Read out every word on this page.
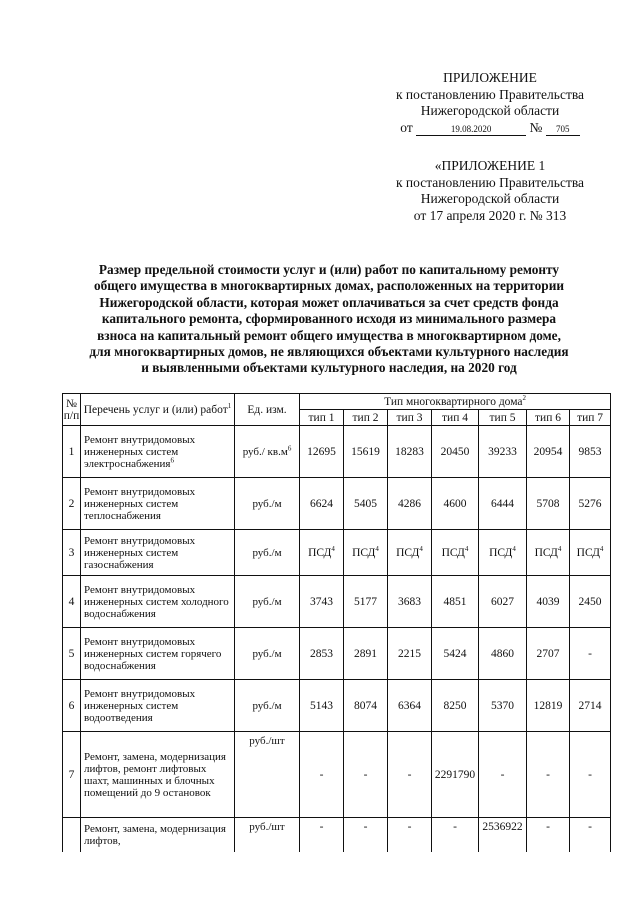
ПРИЛОЖЕНИЕ
к постановлению Правительства
Нижегородской области
от	19.08.2020	№ 705
«ПРИЛОЖЕНИЕ 1
к постановлению Правительства
Нижегородской области
от 17 апреля 2020 г. № 313
Размер предельной стоимости услуг и (или) работ по капитальному ремонту
общего имущества в многоквартирных домах, расположенных на территории
Нижегородской области, которая может оплачиваться за счет средств фонда
капитального ремонта, сформированного исходя из минимального размера
взноса на капитальный ремонт общего имущества в многоквартирном доме,
для многоквартирных домов, не являющихся объектами культурного наследия
и выявленными объектами культурного наследия, на 2020 год
№
п/п	Перечень услуг и (или) работ$^1$	Ед. изм.	Тип многоквартирного дома$^2$
			тип 1	тип 2	тип 3	тип 4	тип 5	тип 6	тип 7
1	Ремонт внутридомовых инженерных систем электроснабжения$^6$	руб./ $кв.м^6$	12695	15619	18283	20450	39233	20954	9853
2	Ремонт внутридомовых инженерных систем теплоснабжения	руб./м	6624	5405	4286	4600	6444	5708	5276
3	Ремонт внутридомовых инженерных систем газоснабжения	руб./м	ПСД$^4$	ПСД$^4$	ПСД$^4$	ПСД$^4$	ПСД$^4$	ПСД$^4$	ПСД$^4$
4	Ремонт внутридомовых инженерных систем холодного водоснабжения	руб./м	3743	5177	3683	4851	6027	4039	2450
5	Ремонт внутридомовых инженерных систем горячего водоснабжения	руб./м	2853	2891	2215	5424	4860	2707	-
6	Ремонт внутридомовых инженерных систем водоотведения	руб./м	5143	8074	6364	8250	5370	12819	2714
7	Ремонт, замена, модернизация лифтов, ремонт лифтовых шахт, машинных и блочных помещений до 9 остановок	руб./шт	-	-	-	2291790	-	-	-
	Ремонт, замена, модернизация лифтов,	руб./шт	-	-	-	-	2536922	-	-
